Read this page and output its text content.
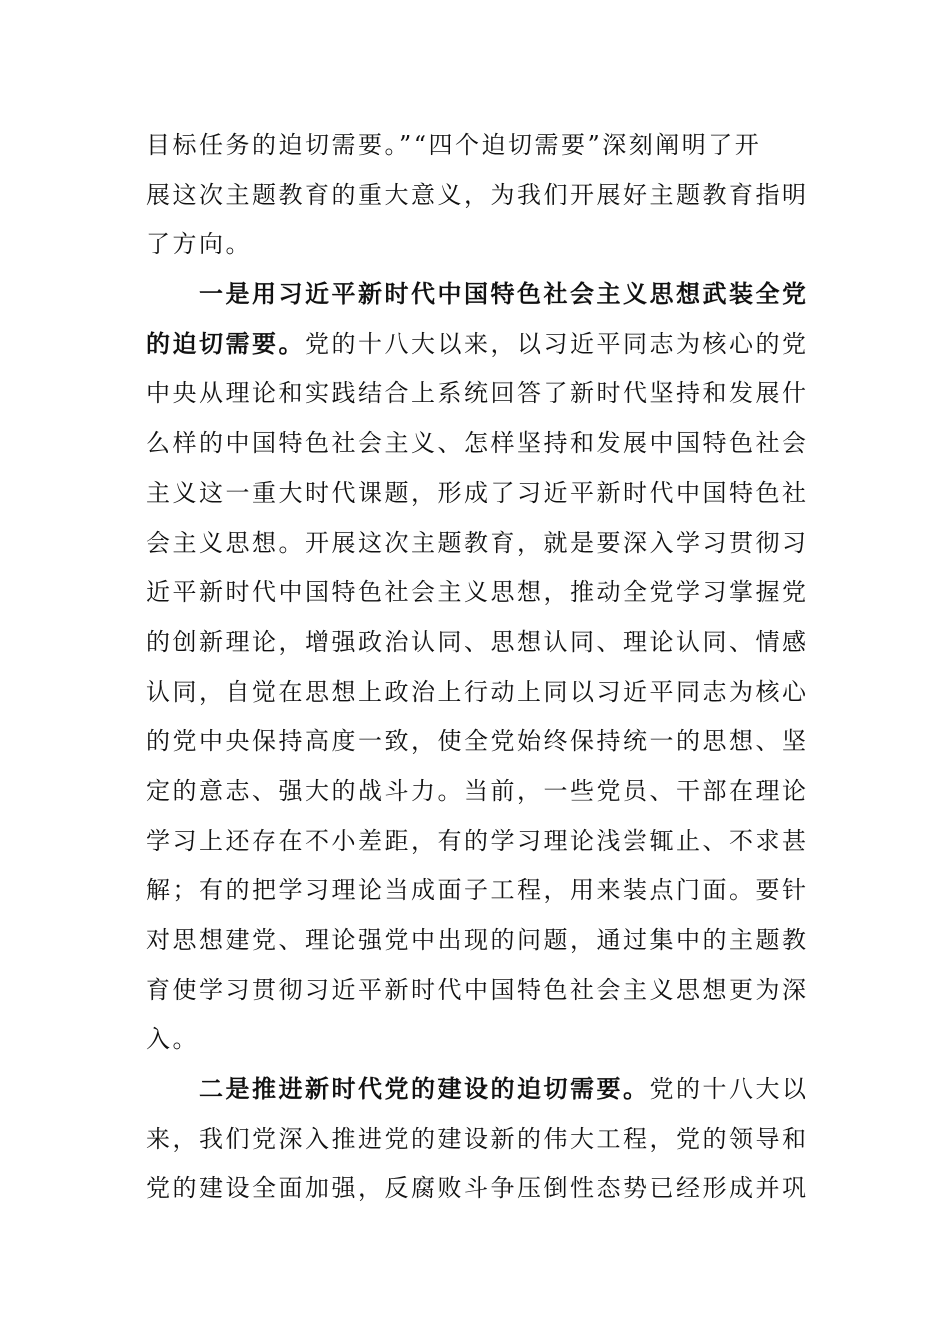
目标任务的迫切需要。”“四个迫切需要”深刻阐明了开
展这次主题教育的重大意义，为我们开展好主题教育指明
了方向。
一是用习近平新时代中国特色社会主义思想武装全党
的迫切需要。党的十八大以来，以习近平同志为核心的党
中央从理论和实践结合上系统回答了新时代坚持和发展什
么样的中国特色社会主义、怎样坚持和发展中国特色社会
主义这一重大时代课题，形成了习近平新时代中国特色社
会主义思想。开展这次主题教育，就是要深入学习贯彻习
近平新时代中国特色社会主义思想，推动全党学习掌握党
的创新理论，增强政治认同、思想认同、理论认同、情感
认同，自觉在思想上政治上行动上同以习近平同志为核心
的党中央保持高度一致，使全党始终保持统一的思想、坚
定的意志、强大的战斗力。当前，一些党员、干部在理论
学习上还存在不小差距，有的学习理论浅尝辄止、不求甚
解；有的把学习理论当成面子工程，用来装点门面。要针
对思想建党、理论强党中出现的问题，通过集中的主题教
育使学习贯彻习近平新时代中国特色社会主义思想更为深
入。
二是推进新时代党的建设的迫切需要。党的十八大以
来，我们党深入推进党的建设新的伟大工程，党的领导和
党的建设全面加强，反腐败斗争压倒性态势已经形成并巩
